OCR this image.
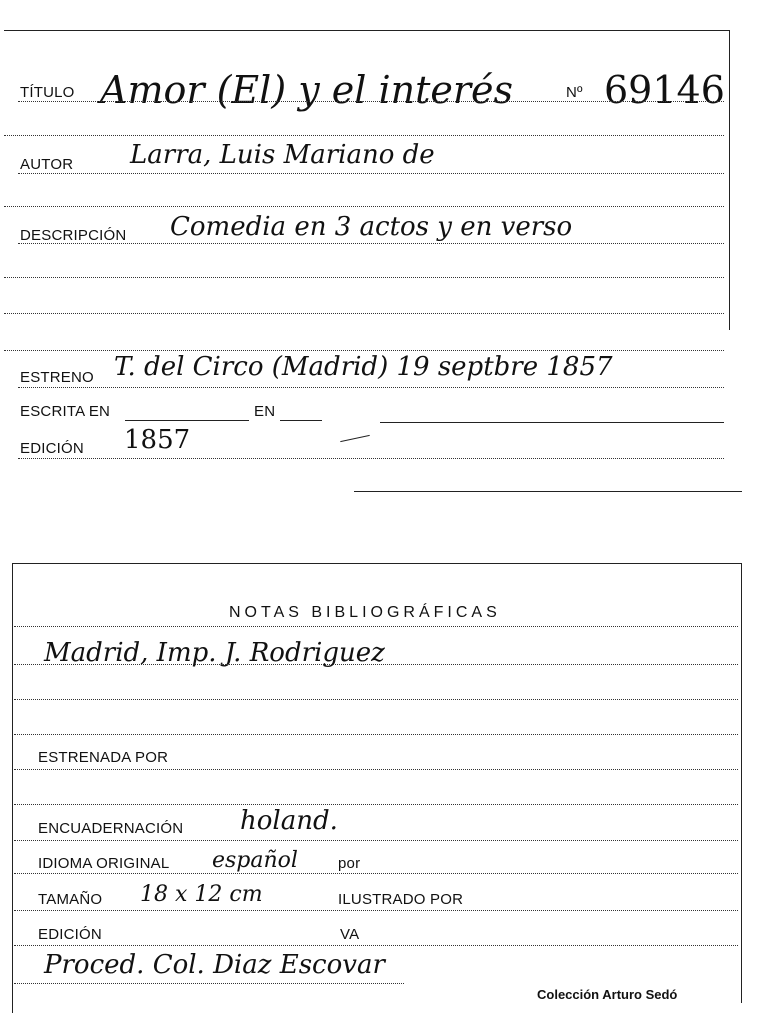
TÍTULO Amor (El) y el interés	Nº 69146
AUTOR Larra, Luis Mariano de
DESCRIPCIÓN Comedia en 3 actos y en verso
ESTRENO T. del Circo (Madrid) 19 septbre 1857
ESCRITA EN	EN
EDICIÓN 1857
NOTAS BIBLIOGRÁFICAS
Madrid, Imp. J. Rodriguez
ESTRENADA POR
ENCUADERNACIÓN holand.
IDIOMA ORIGINAL español	por
TAMAÑO 18 x 12 cm	ILUSTRADO POR
EDICIÓN	VA
Proced. Col. Diaz Escovar
Colección Arturo Sedó
